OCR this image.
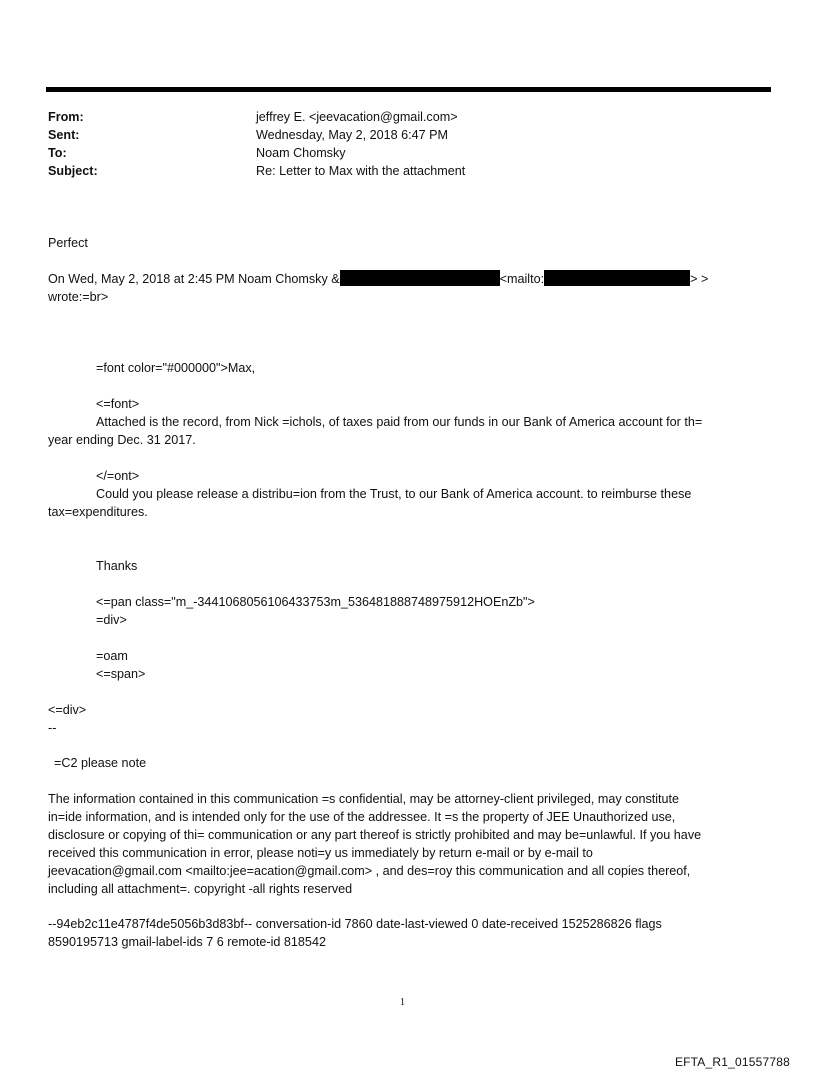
From:	jeffrey E. <jeevacation@gmail.com>
Sent:	Wednesday, May 2, 2018 6:47 PM
To:	Noam Chomsky
Subject:	Re: Letter to Max with the attachment
Perfect
On Wed, May 2, 2018 at 2:45 PM Noam Chomsky &	<mailto:	> >
wrote:=br>
=font color="#000000">Max,
<=font>
Attached is the record, from Nick =ichols, of taxes paid from our funds in our Bank of America account for th=
year ending Dec. 31 2017.
</=ont>
Could you please release a distribu=ion from the Trust, to our Bank of America account. to reimburse these
tax=expenditures.
Thanks
<=pan class="m_-3441068056106433753m_536481888748975912HOEnZb">
=div>
=oam
<=span>
<=div>
--
=C2 please note
The information contained in this communication =s confidential, may be attorney-client privileged, may constitute
in=ide information, and is intended only for the use of the addressee. It =s the property of JEE Unauthorized use,
disclosure or copying of thi= communication or any part thereof is strictly prohibited and may be=unlawful. If you have
received this communication in error, please noti=y us immediately by return e-mail or by e-mail to
jeevacation@gmail.com <mailto:jee=acation@gmail.com> , and des=roy this communication and all copies thereof,
including all attachment=. copyright -all rights reserved
--94eb2c11e4787f4de5056b3d83bf-- conversation-id 7860 date-last-viewed 0 date-received 1525286826 flags
8590195713 gmail-label-ids 7 6 remote-id 818542
1
EFTA_R1_01557788
